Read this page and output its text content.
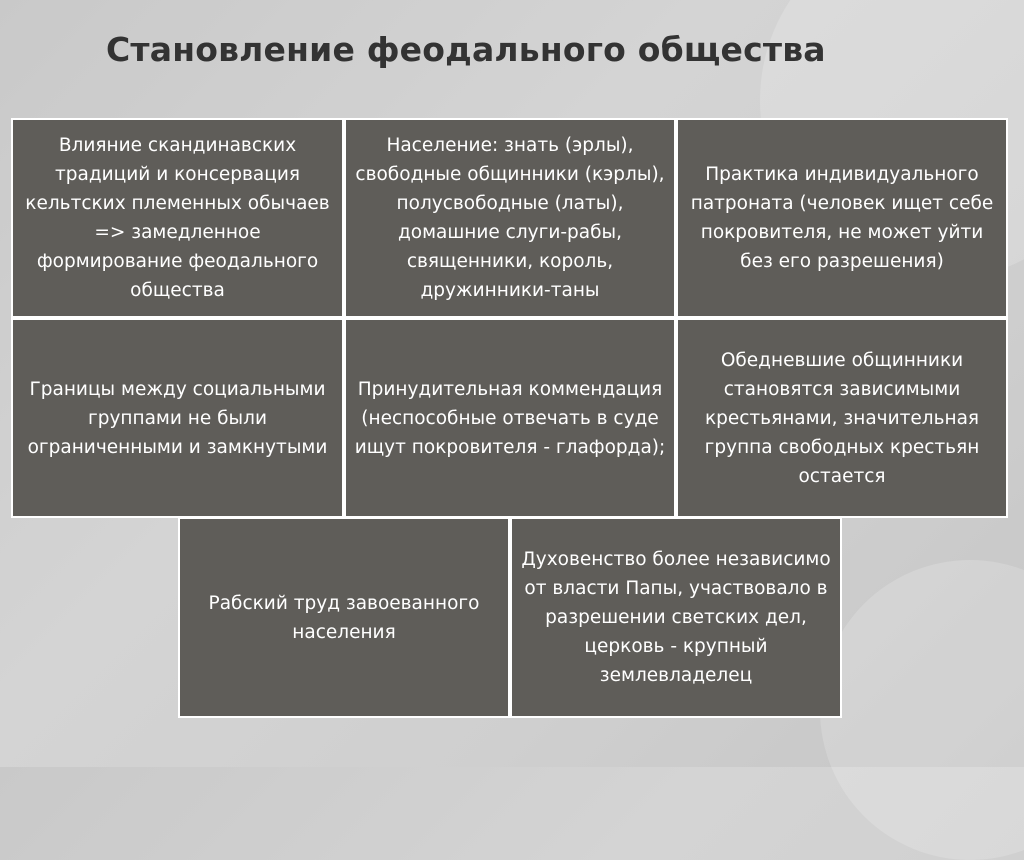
Становление феодального общества
Влияние скандинавских традиций и консервация кельтских племенных обычаев => замедленное формирование феодального общества
Население: знать (эрлы), свободные общинники (кэрлы), полусвободные (латы), домашние слуги-рабы, священники, король, дружинники-таны
Практика индивидуального патроната (человек ищет себе покровителя, не может уйти без его разрешения)
Границы между социальными группами не были ограниченными и замкнутыми
Принудительная коммендация (неспособные отвечать в суде ищут покровителя - глафорда);
Обедневшие общинники становятся зависимыми крестьянами, значительная группа свободных крестьян остается
Рабский труд завоеванного населения
Духовенство более независимо от власти Папы, участвовало в разрешении светских дел, церковь - крупный землевладелец
